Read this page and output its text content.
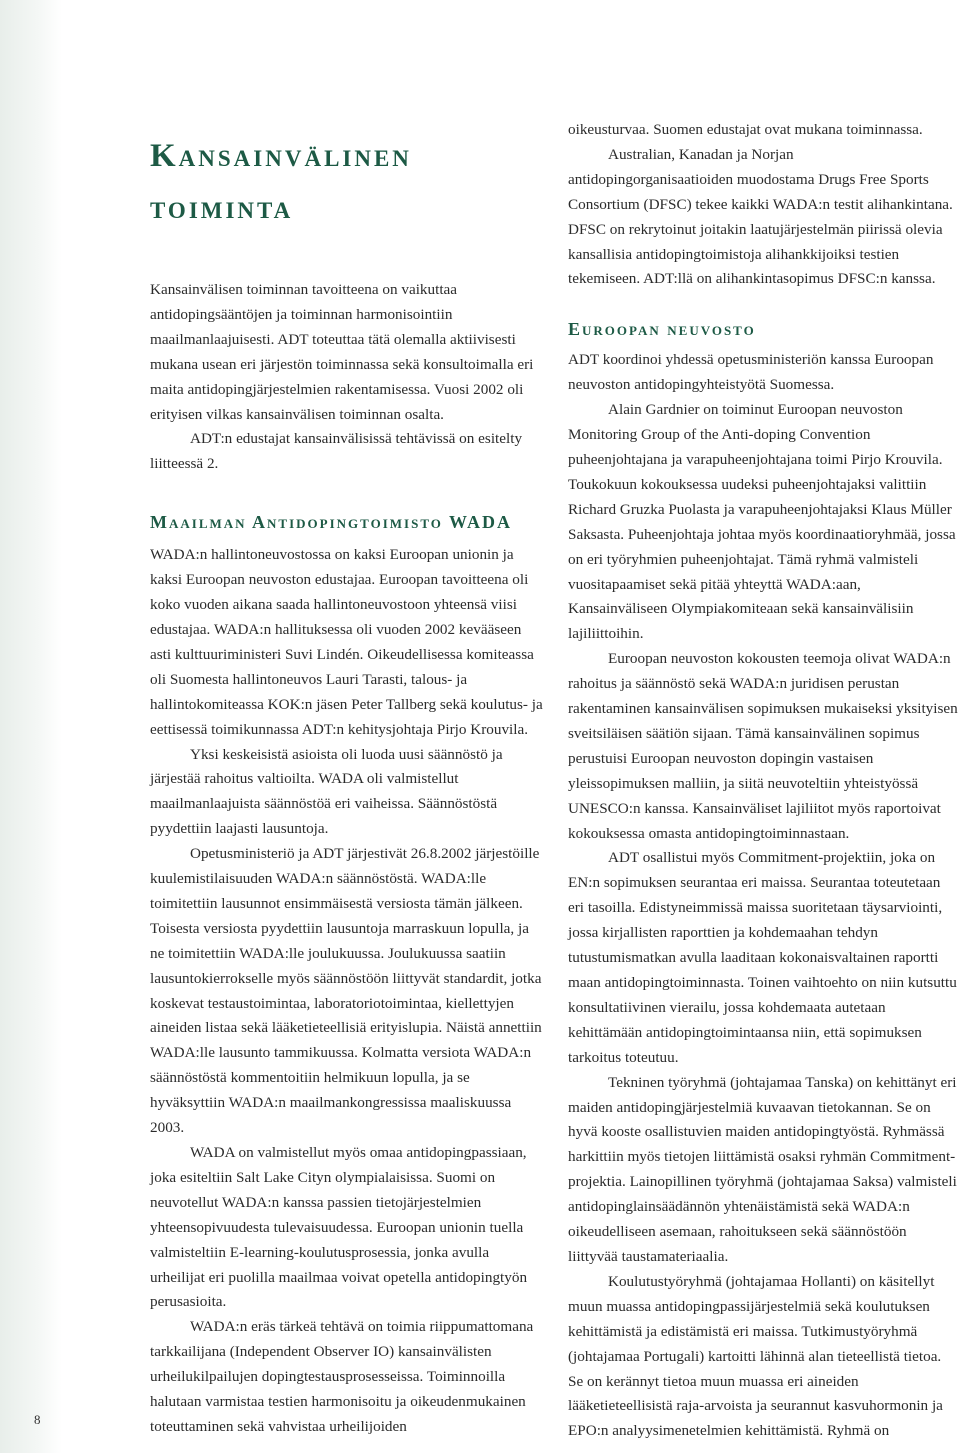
8
Kansainvälinen
toiminta

Kansainvälisen toiminnan tavoitteena on vaikuttaa antidopingsääntöjen ja toiminnan harmonisointiin maailmanlaajuisesti. ADT toteuttaa tätä olemalla aktiivisesti mukana usean eri järjestön toiminnassa sekä konsultoimalla eri maita antidopingjärjestelmien rakentamisessa. Vuosi 2002 oli erityisen vilkas kansainvälisen toiminnan osalta.

ADT:n edustajat kansainvälisissä tehtävissä on esitelty liitteessä 2.

Maailman Antidopingtoimisto WADA

WADA:n hallintoneuvostossa on kaksi Euroopan unionin ja kaksi Euroopan neuvoston edustajaa. Euroopan tavoitteena oli koko vuoden aikana saada hallintoneuvostoon yhteensä viisi edustajaa. WADA:n hallituksessa oli vuoden 2002 kevääseen asti kulttuuriministeri Suvi Lindén. Oikeudellisessa komiteassa oli Suomesta hallintoneuvos Lauri Tarasti, talous- ja hallintokomiteassa KOK:n jäsen Peter Tallberg sekä koulutus- ja eettisessä toimikunnassa ADT:n kehitysjohtaja Pirjo Krouvila.

Yksi keskeisistä asioista oli luoda uusi säännöstö ja järjestää rahoitus valtioilta. WADA oli valmistellut maailmanlaajuista säännöstöä eri vaiheissa. Säännöstöstä pyydettiin laajasti lausuntoja.

Opetusministeriö ja ADT järjestivät 26.8.2002 järjestöille kuulemistilaisuuden WADA:n säännöstöstä. WADA:lle toimitettiin lausunnot ensimmäisestä versiosta tämän jälkeen. Toisesta versiosta pyydettiin lausuntoja marraskuun lopulla, ja ne toimitettiin WADA:lle joulukuussa. Joulukuussa saatiin lausuntokierrokselle myös säännöstöön liittyvät standardit, jotka koskevat testaustoimintaa, laboratoriotoimintaa, kiellettyjen aineiden listaa sekä lääketieteellisiä erityislupia. Näistä annettiin WADA:lle lausunto tammikuussa. Kolmatta versiota WADA:n säännöstöstä kommentoitiin helmikuun lopulla, ja se hyväksyttiin WADA:n maailmankongressissa maaliskuussa 2003.

WADA on valmistellut myös omaa antidopingpassiaan, joka esiteltiin Salt Lake Cityn olympialaisissa. Suomi on neuvotellut WADA:n kanssa passien tietojärjestelmien yhteensopivuudesta tulevaisuudessa. Euroopan unionin tuella valmisteltiin E-learning-koulutusprosessia, jonka avulla urheilijat eri puolilla maailmaa voivat opetella antidopingtyön perusasioita.

WADA:n eräs tärkeä tehtävä on toimia riippumattomana tarkkailijana (Independent Observer IO) kansainvälisten urheilukilpailujen dopingtestausprosesseissa. Toiminnoilla halutaan varmistaa testien harmonisoitu ja oikeudenmukainen toteuttaminen sekä vahvistaa urheilijoiden

oikeusturvaa. Suomen edustajat ovat mukana toiminnassa.

Australian, Kanadan ja Norjan antidopingorganisaatioiden muodostama Drugs Free Sports Consortium (DFSC) tekee kaikki WADA:n testit alihankintana. DFSC on rekrytoinut joitakin laatujärjestelmän piirissä olevia kansallisia antidopingtoimistoja alihankkijoiksi testien tekemiseen. ADT:llä on alihankintasopimus DFSC:n kanssa.

Euroopan neuvosto

ADT koordinoi yhdessä opetusministeriön kanssa Euroopan neuvoston antidopingyhteistyötä Suomessa.

Alain Gardnier on toiminut Euroopan neuvoston Monitoring Group of the Anti-doping Convention puheenjohtajana ja varapuheenjohtajana toimi Pirjo Krouvila. Toukokuun kokouksessa uudeksi puheenjohtajaksi valittiin Richard Gruzka Puolasta ja varapuheenjohtajaksi Klaus Müller Saksasta. Puheenjohtaja johtaa myös koordinaatioryhmää, jossa on eri työryhmien puheenjohtajat. Tämä ryhmä valmisteli vuositapaamiset sekä pitää yhteyttä WADA:aan, Kansainväliseen Olympiakomiteaan sekä kansainvälisiin lajiliittoihin.

Euroopan neuvoston kokousten teemoja olivat WADA:n rahoitus ja säännöstö sekä WADA:n juridisen perustan rakentaminen kansainvälisen sopimuksen mukaiseksi yksityisen sveitsiläisen säätiön sijaan. Tämä kansainvälinen sopimus perustuisi Euroopan neuvoston dopingin vastaisen yleissopimuksen malliin, ja siitä neuvoteltiin yhteistyössä UNESCO:n kanssa. Kansainväliset lajiliitot myös raportoivat kokouksessa omasta antidopingtoiminnastaan.

ADT osallistui myös Commitment-projektiin, joka on EN:n sopimuksen seurantaa eri maissa. Seurantaa toteutetaan eri tasoilla. Edistyneimmissä maissa suoritetaan täysarviointi, jossa kirjallisten raporttien ja kohdemaahan tehdyn tutustumismatkan avulla laaditaan kokonaisvaltainen raportti maan antidopingtoiminnasta. Toinen vaihtoehto on niin kutsuttu konsultatiivinen vierailu, jossa kohdemaata autetaan kehittämään antidopingtoimintaansa niin, että sopimuksen tarkoitus toteutuu.

Tekninen työryhmä (johtajamaa Tanska) on kehittänyt eri maiden antidopingjärjestelmiä kuvaavan tietokannan. Se on hyvä kooste osallistuvien maiden antidopingtyöstä. Ryhmässä harkittiin myös tietojen liittämistä osaksi ryhmän Commitment-projektia. Lainopillinen työryhmä (johtajamaa Saksa) valmisteli antidopinglainsäädännön yhtenäistämistä sekä WADA:n oikeudelliseen asemaan, rahoitukseen sekä säännöstöön liittyvää taustamateriaalia.

Koulutustyöryhmä (johtajamaa Hollanti) on käsitellyt muun muassa antidopingpassijärjestelmiä sekä koulutuksen kehittämistä ja edistämistä eri maissa. Tutkimustyöryhmä (johtajamaa Portugali) kartoitti lähinnä alan tieteellistä tietoa. Se on kerännyt tietoa muun muassa eri aineiden lääketieteellisistä raja-arvoista ja seurannut kasvuhormonin ja EPO:n analyysimenetelmien kehittämistä. Ryhmä on
